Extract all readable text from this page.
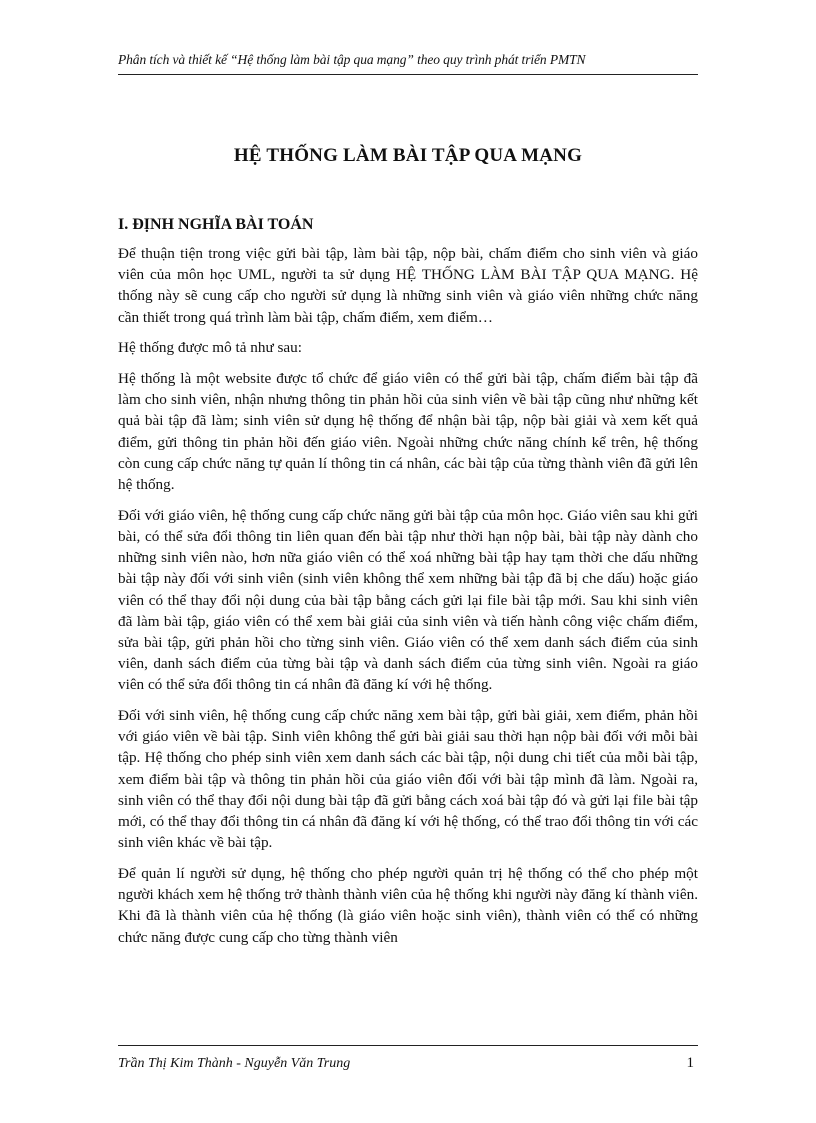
Phân tích và thiết kế “Hệ thống làm bài tập qua mạng” theo quy trình phát triển PMTN
HỆ THỐNG LÀM BÀI TẬP QUA MẠNG
I. ĐỊNH NGHĨA BÀI TOÁN

Để thuận tiện trong việc gửi bài tập, làm bài tập, nộp bài, chấm điểm cho sinh viên và giáo viên của môn học UML, người ta sử dụng HỆ THỐNG LÀM BÀI TẬP QUA MẠNG. Hệ thống này sẽ cung cấp cho người sử dụng là những sinh viên và giáo viên những chức năng cần thiết trong quá trình làm bài tập, chấm điểm, xem điểm…

Hệ thống được mô tả như sau:

Hệ thống là một website được tổ chức để giáo viên có thể gửi bài tập, chấm điểm bài tập đã làm cho sinh viên, nhận nhưng thông tin phản hồi của sinh viên về bài tập cũng như những kết quả bài tập đã làm; sinh viên sử dụng hệ thống để nhận bài tập, nộp bài giải và xem kết quả điểm, gửi thông tin phản hồi đến giáo viên. Ngoài những chức năng chính kể trên, hệ thống còn cung cấp chức năng tự quản lí thông tin cá nhân, các bài tập của từng thành viên đã gửi lên hệ thống.

Đối với giáo viên, hệ thống cung cấp chức năng gửi bài tập của môn học. Giáo viên sau khi gửi bài, có thể sửa đổi thông tin liên quan đến bài tập như thời hạn nộp bài, bài tập này dành cho những sinh viên nào, hơn nữa giáo viên có thể xoá những bài tập hay tạm thời che dấu những bài tập này đối với sinh viên (sinh viên không thể xem những bài tập đã bị che dấu) hoặc giáo viên có thể thay đổi nội dung của bài tập bằng cách gửi lại file bài tập mới. Sau khi sinh viên đã làm bài tập, giáo viên có thể xem bài giải của sinh viên và tiến hành công việc chấm điểm, sửa bài tập, gửi phản hồi cho từng sinh viên. Giáo viên có thể xem danh sách điểm của sinh viên, danh sách điểm của từng bài tập và danh sách điểm của từng sinh viên. Ngoài ra giáo viên có thể sửa đổi thông tin cá nhân đã đăng kí với hệ thống.

Đối với sinh viên, hệ thống cung cấp chức năng xem bài tập, gửi bài giải, xem điểm, phản hồi với giáo viên về bài tập. Sinh viên không thể gửi bài giải sau thời hạn nộp bài đối với mỗi bài tập. Hệ thống cho phép sinh viên xem danh sách các bài tập, nội dung chi tiết của mỗi bài tập, xem điểm bài tập và thông tin phản hồi của giáo viên đối với bài tập mình đã làm. Ngoài ra, sinh viên có thể thay đổi nội dung bài tập đã gửi bằng cách xoá bài tập đó và gửi lại file bài tập mới, có thể thay đổi thông tin cá nhân đã đăng kí với hệ thống, có thể trao đổi thông tin với các sinh viên khác về bài tập.

Để quản lí người sử dụng, hệ thống cho phép người quản trị hệ thống có thể cho phép một người khách xem hệ thống trở thành thành viên của hệ thống khi người này đăng kí thành viên. Khi đã là thành viên của hệ thống (là giáo viên hoặc sinh viên), thành viên có thể có những chức năng được cung cấp cho từng thành viên

Trần Thị Kim Thành - Nguyễn Văn Trung	1
